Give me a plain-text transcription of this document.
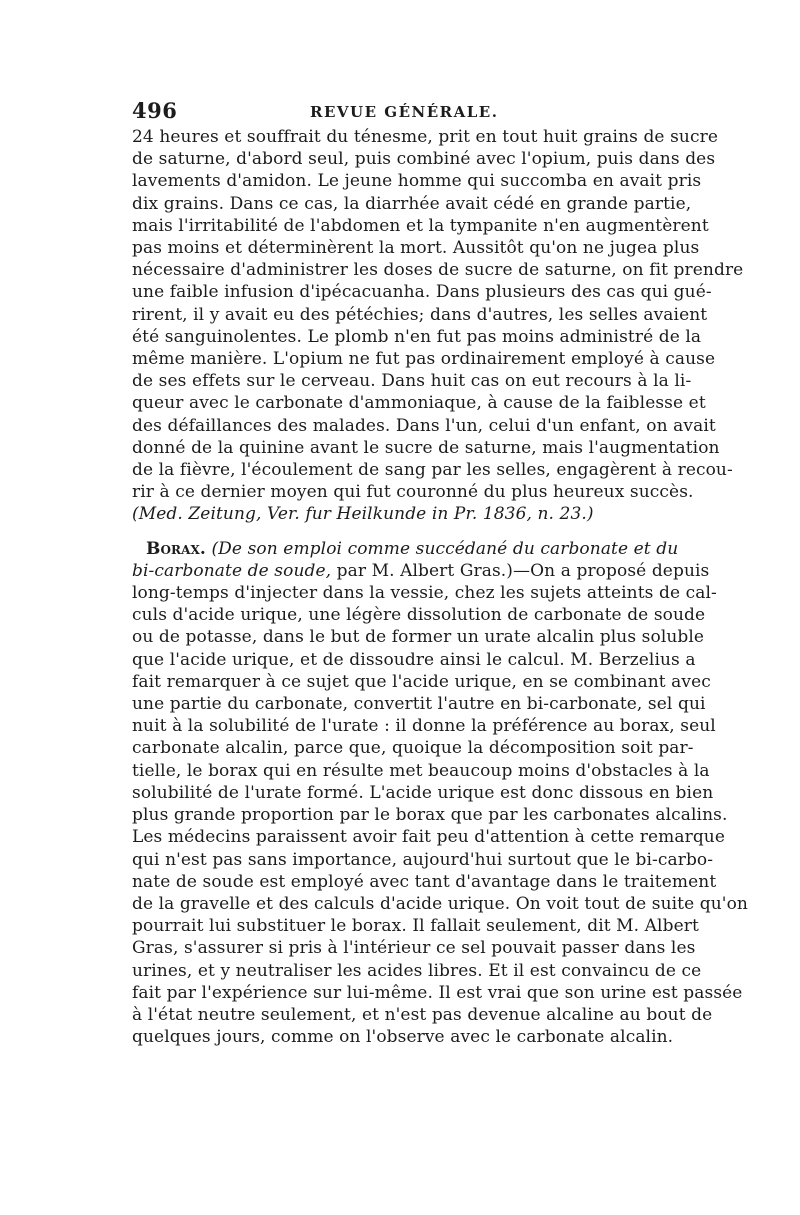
496	REVUE GÉNÉRALE.

24 heures et souffrait du ténesme, prit en tout huit grains de sucre
de saturne, d'abord seul, puis combiné avec l'opium, puis dans des
lavements d'amidon. Le jeune homme qui succomba en avait pris
dix grains. Dans ce cas, la diarrhée avait cédé en grande partie,
mais l'irritabilité de l'abdomen et la tympanite n'en augmentèrent
pas moins et déterminèrent la mort. Aussitôt qu'on ne jugea plus
nécessaire d'administrer les doses de sucre de saturne, on fit prendre
une faible infusion d'ipécacuanha. Dans plusieurs des cas qui gué-
rirent, il y avait eu des pétéchies; dans d'autres, les selles avaient
été sanguinolentes. Le plomb n'en fut pas moins administré de la
même manière. L'opium ne fut pas ordinairement employé à cause
de ses effets sur le cerveau. Dans huit cas on eut recours à la li-
queur avec le carbonate d'ammoniaque, à cause de la faiblesse et
des défaillances des malades. Dans l'un, celui d'un enfant, on avait
donné de la quinine avant le sucre de saturne, mais l'augmentation
de la fièvre, l'écoulement de sang par les selles, engagèrent à recou-
rir à ce dernier moyen qui fut couronné du plus heureux succès.
(Med. Zeitung, Ver. fur Heilkunde in Pr. 1836, n. 23.)

Borax. (De son emploi comme succédané du carbonate et du
bi-carbonate de soude, par M. Albert Gras.)—On a proposé depuis
long-temps d'injecter dans la vessie, chez les sujets atteints de cal-
culs d'acide urique, une légère dissolution de carbonate de soude
ou de potasse, dans le but de former un urate alcalin plus soluble
que l'acide urique, et de dissoudre ainsi le calcul. M. Berzelius a
fait remarquer à ce sujet que l'acide urique, en se combinant avec
une partie du carbonate, convertit l'autre en bi-carbonate, sel qui
nuit à la solubilité de l'urate : il donne la préférence au borax, seul
carbonate alcalin, parce que, quoique la décomposition soit par-
tielle, le borax qui en résulte met beaucoup moins d'obstacles à la
solubilité de l'urate formé. L'acide urique est donc dissous en bien
plus grande proportion par le borax que par les carbonates alcalins.
Les médecins paraissent avoir fait peu d'attention à cette remarque
qui n'est pas sans importance, aujourd'hui surtout que le bi-carbo-
nate de soude est employé avec tant d'avantage dans le traitement
de la gravelle et des calculs d'acide urique. On voit tout de suite qu'on
pourrait lui substituer le borax. Il fallait seulement, dit M. Albert
Gras, s'assurer si pris à l'intérieur ce sel pouvait passer dans les
urines, et y neutraliser les acides libres. Et il est convaincu de ce
fait par l'expérience sur lui-même. Il est vrai que son urine est passée
à l'état neutre seulement, et n'est pas devenue alcaline au bout de
quelques jours, comme on l'observe avec le carbonate alcalin.
